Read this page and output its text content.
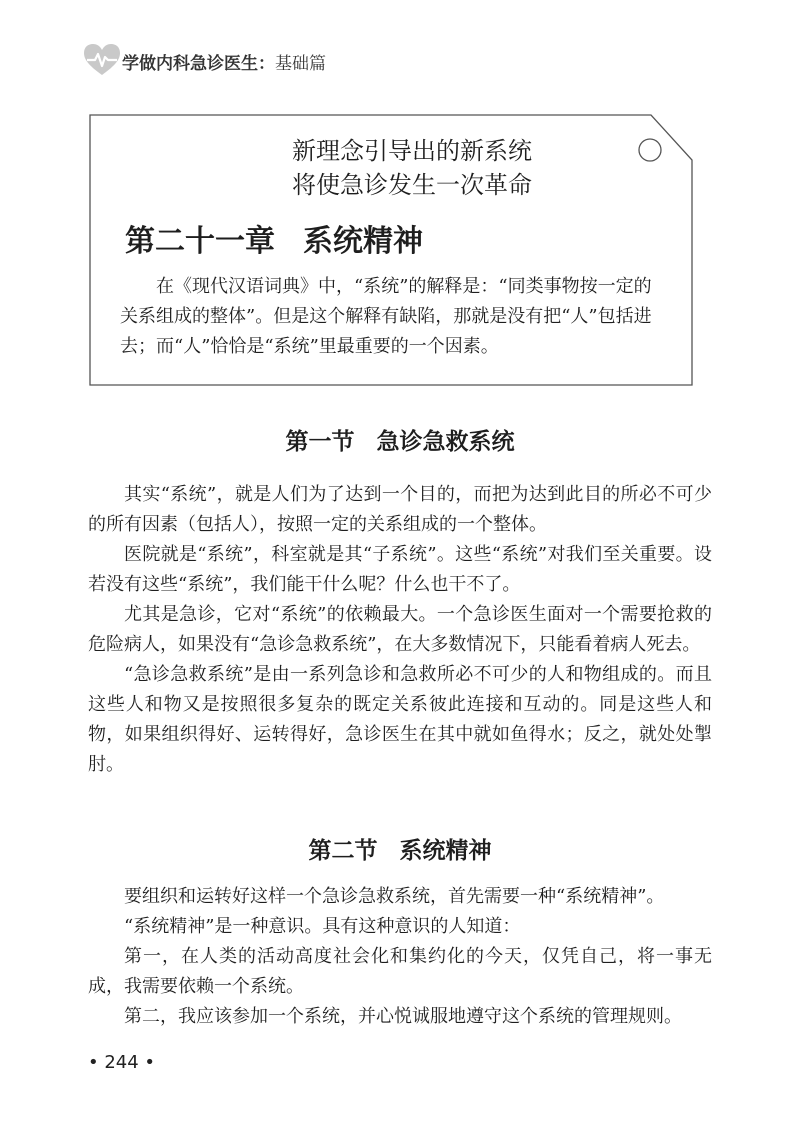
学做内科急诊医生：基础篇
新理念引导出的新系统
将使急诊发生一次革命
第二十一章 系统精神

在《现代汉语词典》中，“系统”的解释是：“同类事物按一定的关系组成的整体”。但是这个解释有缺陷，那就是没有把“人”包括进去；而“人”恰恰是“系统”里最重要的一个因素。

第一节 急诊急救系统

其实“系统”，就是人们为了达到一个目的，而把为达到此目的所必不可少的所有因素（包括人），按照一定的关系组成的一个整体。

医院就是“系统”，科室就是其“子系统”。这些“系统”对我们至关重要。设若没有这些“系统”，我们能干什么呢？什么也干不了。

尤其是急诊，它对“系统”的依赖最大。一个急诊医生面对一个需要抢救的危险病人，如果没有“急诊急救系统”，在大多数情况下，只能看着病人死去。

“急诊急救系统”是由一系列急诊和急救所必不可少的人和物组成的。而且这些人和物又是按照很多复杂的既定关系彼此连接和互动的。同是这些人和物，如果组织得好、运转得好，急诊医生在其中就如鱼得水；反之，就处处掣肘。

第二节 系统精神

要组织和运转好这样一个急诊急救系统，首先需要一种“系统精神”。

“系统精神”是一种意识。具有这种意识的人知道：

第一，在人类的活动高度社会化和集约化的今天，仅凭自己，将一事无成，我需要依赖一个系统。

第二，我应该参加一个系统，并心悦诚服地遵守这个系统的管理规则。

• 244 •
